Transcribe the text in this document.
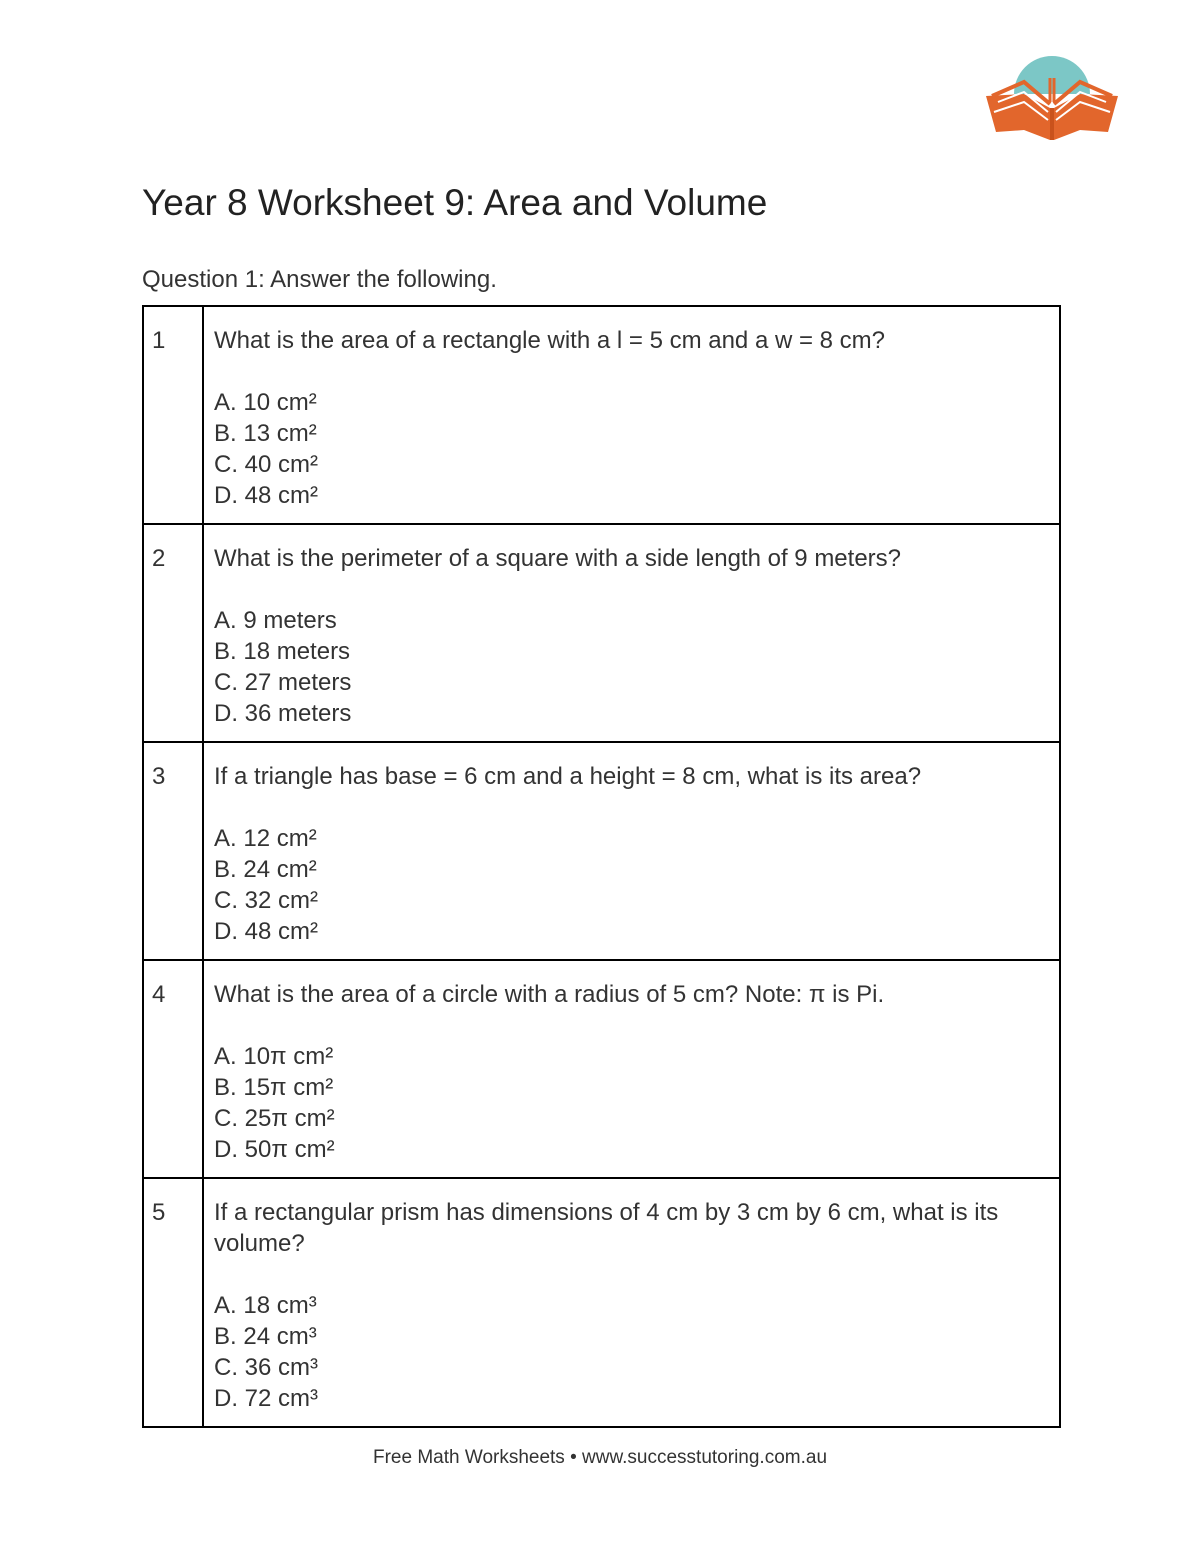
Year 8 Worksheet 9: Area and Volume

Question 1: Answer the following.

1	What is the area of a rectangle with a l = 5 cm and a w = 8 cm?
A. 10 cm²
B. 13 cm²
C. 40 cm²
D. 48 cm²

2	What is the perimeter of a square with a side length of 9 meters?
A. 9 meters
B. 18 meters
C. 27 meters
D. 36 meters

3	If a triangle has base = 6 cm and a height = 8 cm, what is its area?
A. 12 cm²
B. 24 cm²
C. 32 cm²
D. 48 cm²

4	What is the area of a circle with a radius of 5 cm? Note: π is Pi.
A. 10π cm²
B. 15π cm²
C. 25π cm²
D. 50π cm²

5	If a rectangular prism has dimensions of 4 cm by 3 cm by 6 cm, what is its volume?
A. 18 cm³
B. 24 cm³
C. 36 cm³
D. 72 cm³
Free Math Worksheets • www.successtutoring.com.au
